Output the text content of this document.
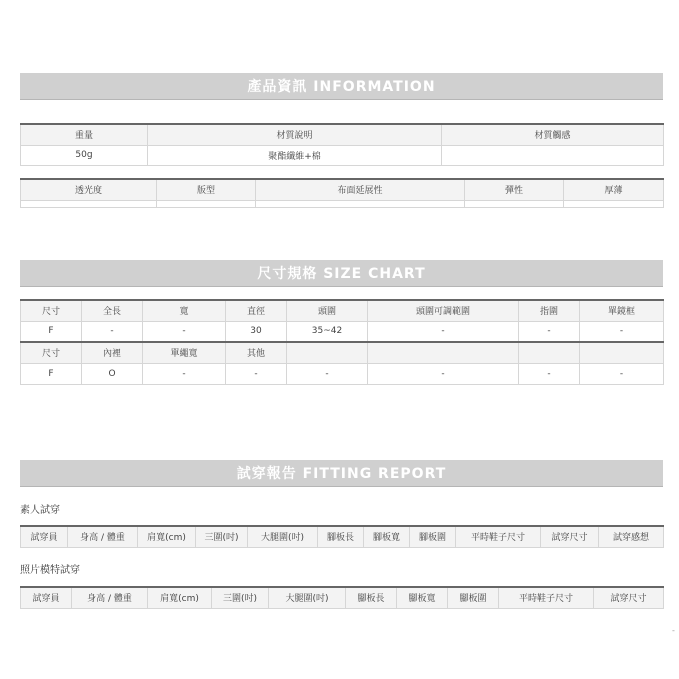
產品資訊 INFORMATION
重量	材質說明	材質觸感
50g	聚酯纖維+棉	
透光度	版型	布面延展性	彈性	厚薄

尺寸規格 SIZE CHART
尺寸	全長	寬	直徑	頭圍	頭圍可調範圍	指圍	單鏡框
F	-	-	30	35~42	-	-	-
尺寸	內裡	單繩寬	其他				
F	O	-	-	-	-	-	-
試穿報告 FITTING REPORT
素人試穿
試穿員	身高 / 體重	肩寬(cm)	三圍(吋)	大腿圍(吋)	腳板長	腳板寬	腳板圍	平時鞋子尺寸	試穿尺寸	試穿感想
照片模特試穿
試穿員	身高 / 體重	肩寬(cm)	三圍(吋)	大腿圍(吋)	腳板長	腳板寬	腳板圍	平時鞋子尺寸	試穿尺寸
-
